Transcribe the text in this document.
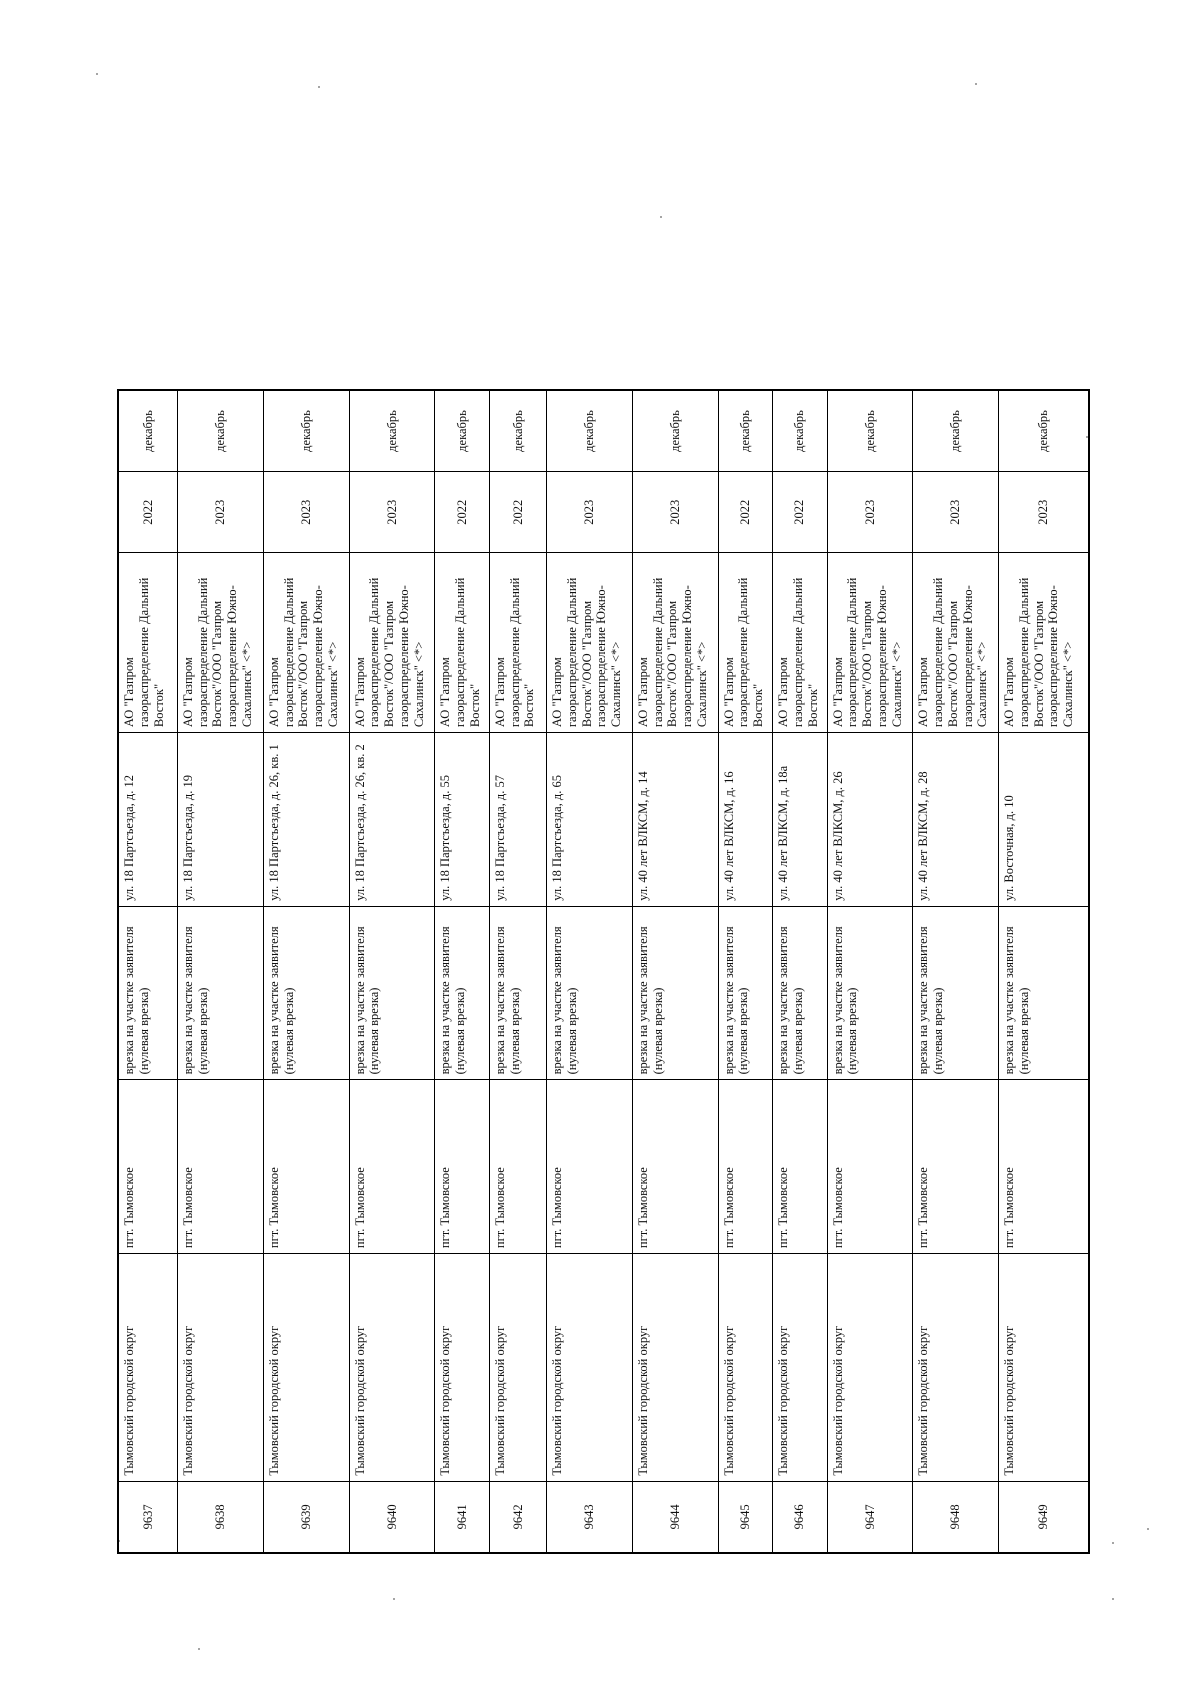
9637	Тымовский городской округ	пгт. Тымовское	врезка на участке заявителя (нулевая врезка)	ул. 18 Партсъезда, д. 12	АО "Газпром газораспределение Дальний Восток"	2022	декабрь
9638	Тымовский городской округ	пгт. Тымовское	врезка на участке заявителя (нулевая врезка)	ул. 18 Партсъезда, д. 19	АО "Газпром газораспределение Дальний Восток"/ООО "Газпром газораспределение Южно-Сахалинск" <*>	2023	декабрь
9639	Тымовский городской округ	пгт. Тымовское	врезка на участке заявителя (нулевая врезка)	ул. 18 Партсъезда, д. 26, кв. 1	АО "Газпром газораспределение Дальний Восток"/ООО "Газпром газораспределение Южно-Сахалинск" <*>	2023	декабрь
9640	Тымовский городской округ	пгт. Тымовское	врезка на участке заявителя (нулевая врезка)	ул. 18 Партсъезда, д. 26, кв. 2	АО "Газпром газораспределение Дальний Восток"/ООО "Газпром газораспределение Южно-Сахалинск" <*>	2023	декабрь
9641	Тымовский городской округ	пгт. Тымовское	врезка на участке заявителя (нулевая врезка)	ул. 18 Партсъезда, д. 55	АО "Газпром газораспределение Дальний Восток"	2022	декабрь
9642	Тымовский городской округ	пгт. Тымовское	врезка на участке заявителя (нулевая врезка)	ул. 18 Партсъезда, д. 57	АО "Газпром газораспределение Дальний Восток"	2022	декабрь
9643	Тымовский городской округ	пгт. Тымовское	врезка на участке заявителя (нулевая врезка)	ул. 18 Партсъезда, д. 65	АО "Газпром газораспределение Дальний Восток"/ООО "Газпром газораспределение Южно-Сахалинск" <*>	2023	декабрь
9644	Тымовский городской округ	пгт. Тымовское	врезка на участке заявителя (нулевая врезка)	ул. 40 лет ВЛКСМ, д. 14	АО "Газпром газораспределение Дальний Восток"/ООО "Газпром газораспределение Южно-Сахалинск" <*>	2023	декабрь
9645	Тымовский городской округ	пгт. Тымовское	врезка на участке заявителя (нулевая врезка)	ул. 40 лет ВЛКСМ, д. 16	АО "Газпром газораспределение Дальний Восток"	2022	декабрь
9646	Тымовский городской округ	пгт. Тымовское	врезка на участке заявителя (нулевая врезка)	ул. 40 лет ВЛКСМ, д. 18а	АО "Газпром газораспределение Дальний Восток"	2022	декабрь
9647	Тымовский городской округ	пгт. Тымовское	врезка на участке заявителя (нулевая врезка)	ул. 40 лет ВЛКСМ, д. 26	АО "Газпром газораспределение Дальний Восток"/ООО "Газпром газораспределение Южно-Сахалинск" <*>	2023	декабрь
9648	Тымовский городской округ	пгт. Тымовское	врезка на участке заявителя (нулевая врезка)	ул. 40 лет ВЛКСМ, д. 28	АО "Газпром газораспределение Дальний Восток"/ООО "Газпром газораспределение Южно-Сахалинск" <*>	2023	декабрь
9649	Тымовский городской округ	пгт. Тымовское	врезка на участке заявителя (нулевая врезка)	ул. Восточная, д. 10	АО "Газпром газораспределение Дальний Восток"/ООО "Газпром газораспределение Южно-Сахалинск" <*>	2023	декабрь
